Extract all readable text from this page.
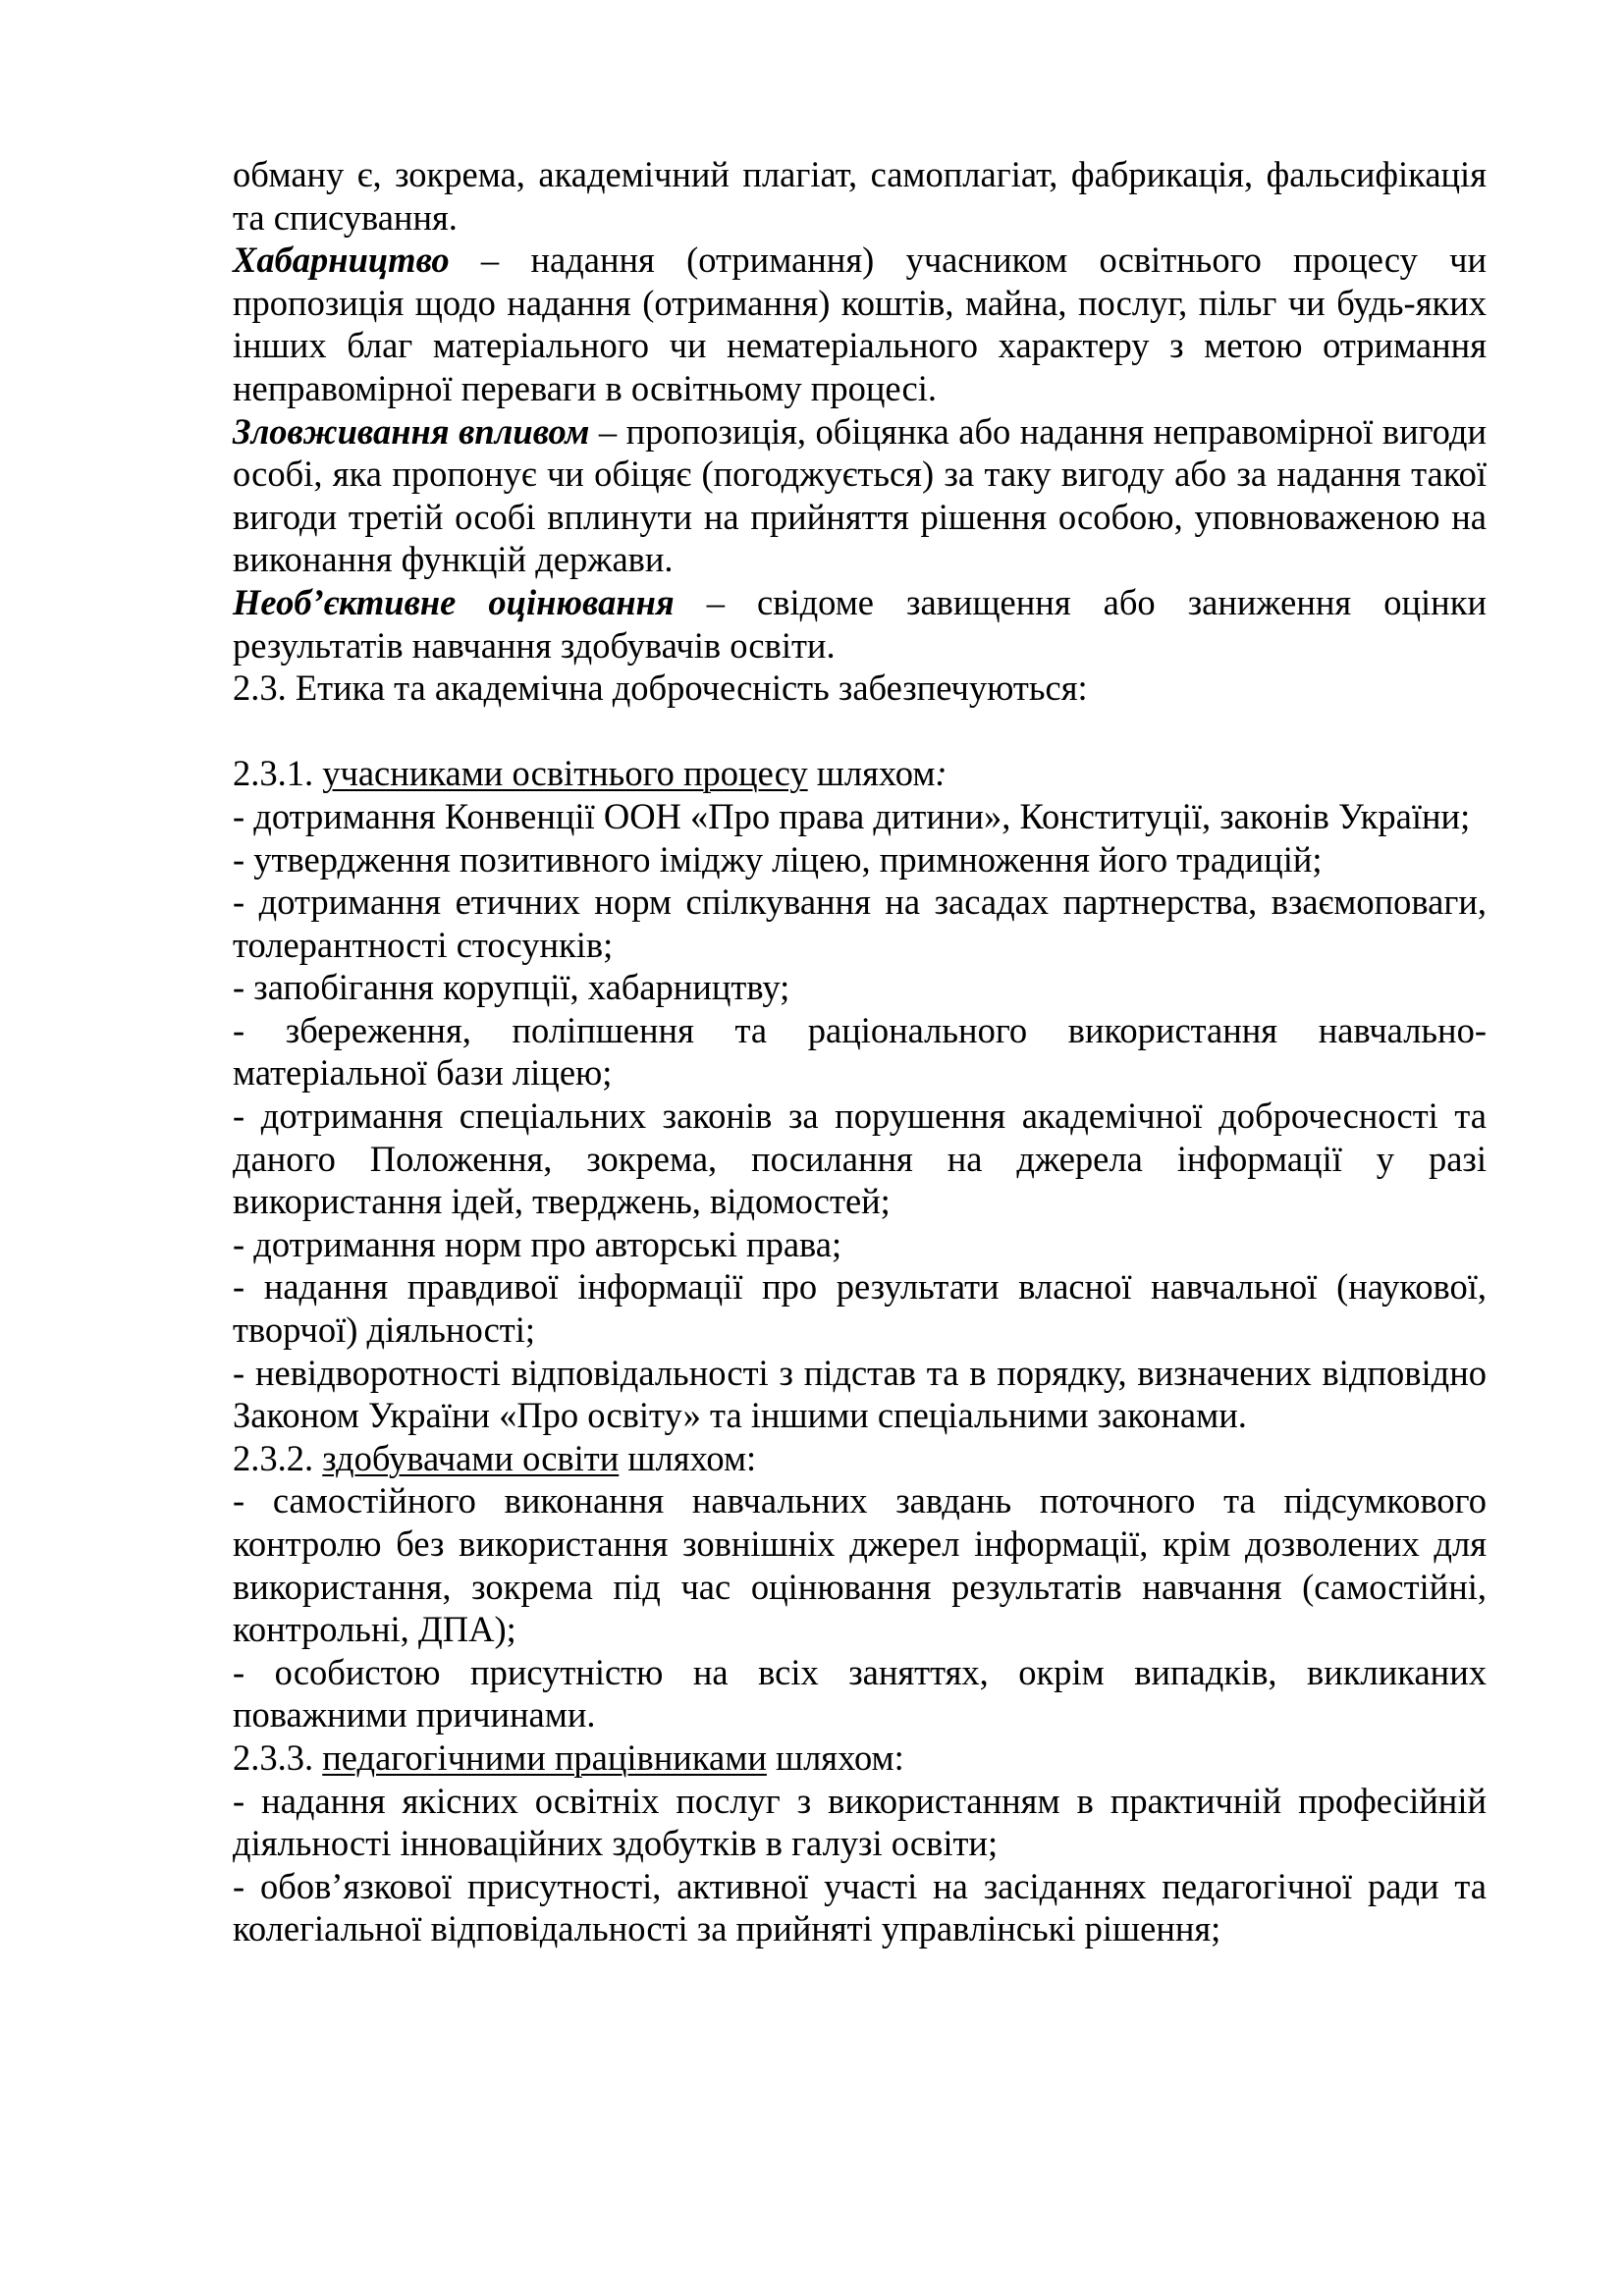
обману є, зокрема, академічний плагіат, самоплагіат, фабрикація, фальсифікація та списування.

Хабарництво – надання (отримання) учасником освітнього процесу чи пропозиція щодо надання (отримання) коштів, майна, послуг, пільг чи будь-яких інших благ матеріального чи нематеріального характеру з метою отримання неправомірної переваги в освітньому процесі.

Зловживання впливом – пропозиція, обіцянка або надання неправомірної вигоди особі, яка пропонує чи обіцяє (погоджується) за таку вигоду або за надання такої вигоди третій особі вплинути на прийняття рішення особою, уповноваженою на виконання функцій держави.

Необ’єктивне оцінювання – свідоме завищення або заниження оцінки результатів навчання здобувачів освіти.

2.3. Етика та академічна доброчесність забезпечуються:

2.3.1. учасниками освітнього процесу шляхом:

- дотримання Конвенції ООН «Про права дитини», Конституції, законів України;

- утвердження позитивного іміджу ліцею, примноження його традицій;

- дотримання етичних норм спілкування на засадах партнерства, взаємоповаги, толерантності стосунків;

- запобігання корупції, хабарництву;

- збереження, поліпшення та раціонального використання навчально-матеріальної бази ліцею;

- дотримання спеціальних законів за порушення академічної доброчесності та даного Положення, зокрема, посилання на джерела інформації у разі використання ідей, тверджень, відомостей;

- дотримання норм про авторські права;

- надання правдивої інформації про результати власної навчальної (наукової, творчої) діяльності;

- невідворотності відповідальності з підстав та в порядку, визначених відповідно Законом України «Про освіту» та іншими спеціальними законами.

2.3.2. здобувачами освіти шляхом:

- самостійного виконання навчальних завдань поточного та підсумкового контролю без використання зовнішніх джерел інформації, крім дозволених для використання, зокрема під час оцінювання результатів навчання (самостійні, контрольні, ДПА);

- особистою присутністю на всіх заняттях, окрім випадків, викликаних поважними причинами.

2.3.3. педагогічними працівниками шляхом:

- надання якісних освітніх послуг з використанням в практичній професійній діяльності інноваційних здобутків в галузі освіти;

- обов’язкової присутності, активної участі на засіданнях педагогічної ради та колегіальної відповідальності за прийняті управлінські рішення;
